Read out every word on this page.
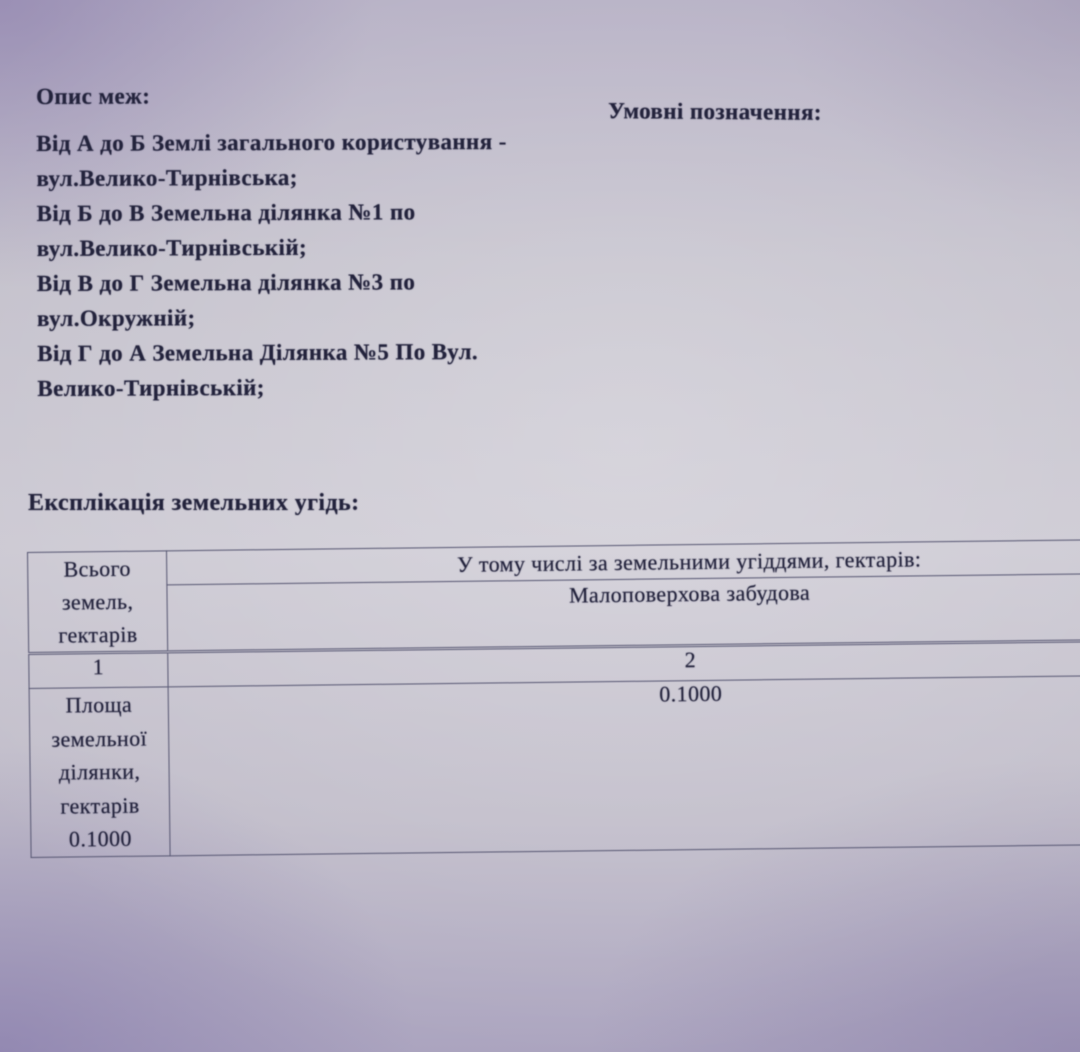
Опис меж:
Від А до Б Землі загального користування -
вул.Велико-Тирнівська;
Від Б до В Земельна ділянка №1 по
вул.Велико-Тирнівській;
Від В до Г Земельна ділянка №3 по
вул.Окружній;
Від Г до А Земельна Ділянка №5 По Вул.
Велико-Тирнівській;
Умовні позначення:
Експлікація земельних угідь:
Всього
земель,
гектарів	У тому числі за земельними угіддями, гектарів:
	Малоповерхова забудова
1	2
Площа
земельної
ділянки,
гектарів
0.1000	0.1000
